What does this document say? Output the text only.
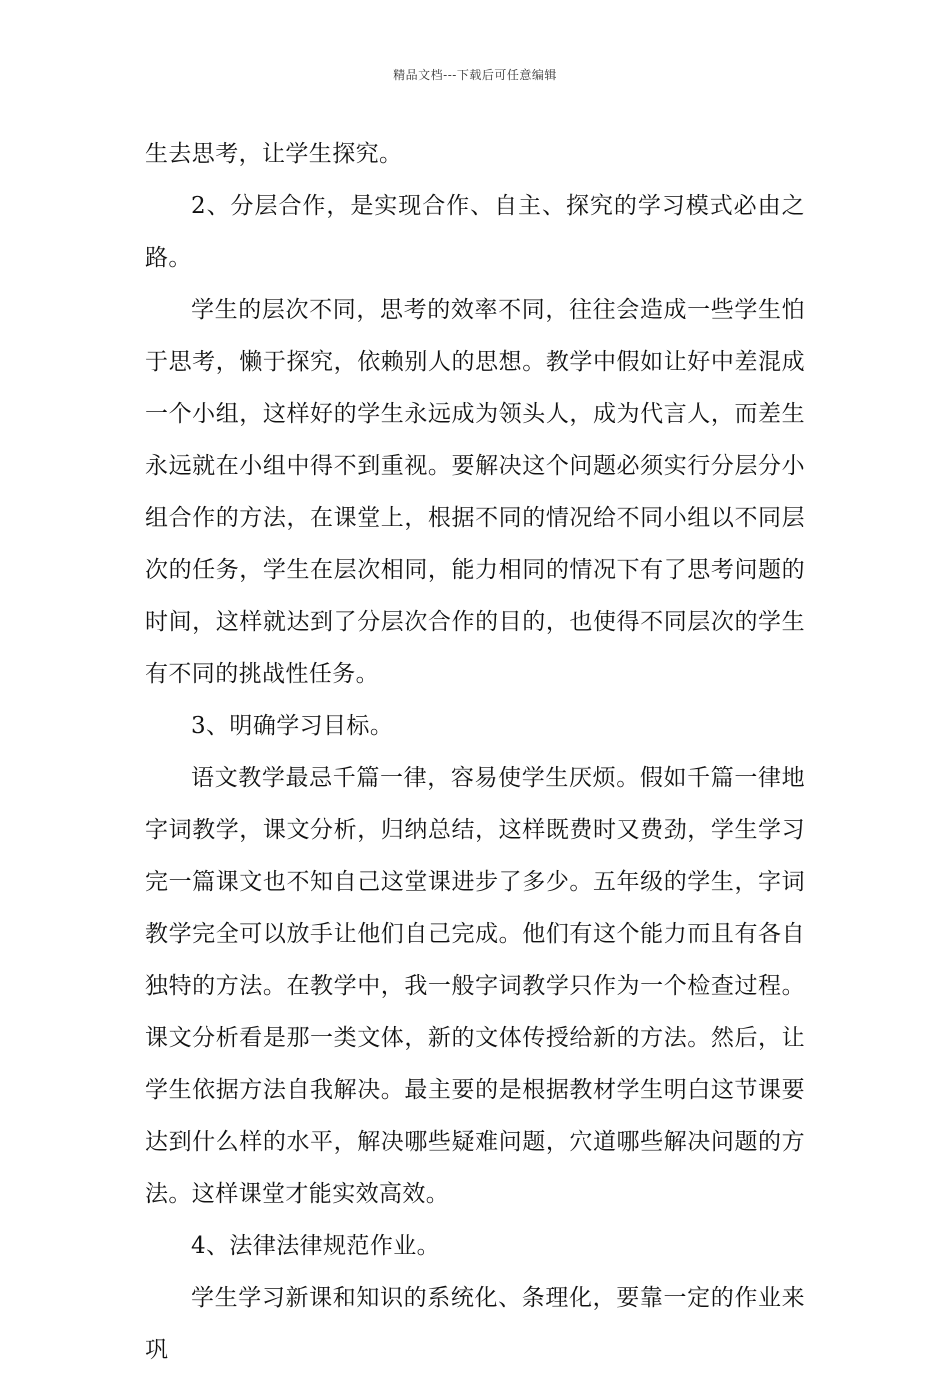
精品文档---下载后可任意编辑

生去思考，让学生探究。

2、分层合作，是实现合作、自主、探究的学习模式必由之路。

学生的层次不同，思考的效率不同，往往会造成一些学生怕于思考，懒于探究，依赖别人的思想。教学中假如让好中差混成一个小组，这样好的学生永远成为领头人，成为代言人，而差生永远就在小组中得不到重视。要解决这个问题必须实行分层分小组合作的方法，在课堂上，根据不同的情况给不同小组以不同层次的任务，学生在层次相同，能力相同的情况下有了思考问题的时间，这样就达到了分层次合作的目的，也使得不同层次的学生有不同的挑战性任务。

3、明确学习目标。

语文教学最忌千篇一律，容易使学生厌烦。假如千篇一律地字词教学，课文分析，归纳总结，这样既费时又费劲，学生学习完一篇课文也不知自己这堂课进步了多少。五年级的学生，字词教学完全可以放手让他们自己完成。他们有这个能力而且有各自独特的方法。在教学中，我一般字词教学只作为一个检查过程。课文分析看是那一类文体，新的文体传授给新的方法。然后，让学生依据方法自我解决。最主要的是根据教材学生明白这节课要达到什么样的水平，解决哪些疑难问题，穴道哪些解决问题的方法。这样课堂才能实效高效。

4、法律法律规范作业。

学生学习新课和知识的系统化、条理化，要靠一定的作业来巩
